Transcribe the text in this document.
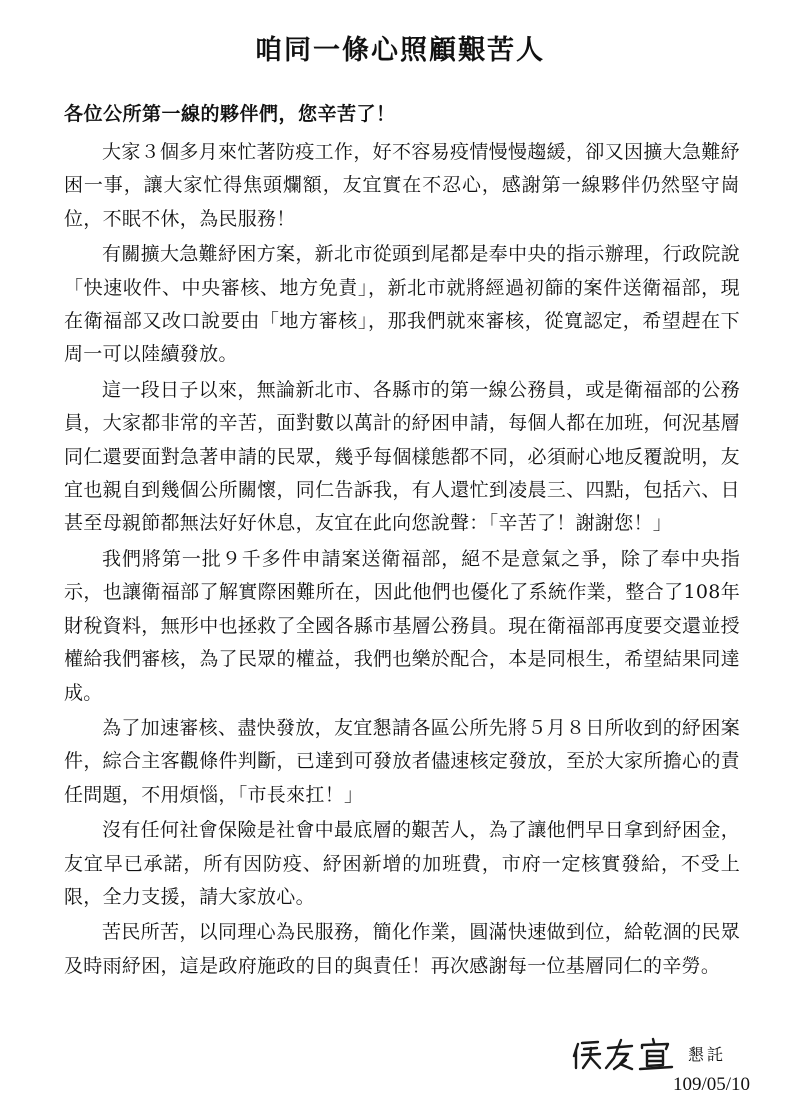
咱同一條心照顧艱苦人

各位公所第一線的夥伴們，您辛苦了！

大家３個多月來忙著防疫工作，好不容易疫情慢慢趨緩，卻又因擴大急難紓困一事，讓大家忙得焦頭爛額，友宜實在不忍心，感謝第一線夥伴仍然堅守崗位，不眠不休，為民服務！

有關擴大急難紓困方案，新北市從頭到尾都是奉中央的指示辦理，行政院說「快速收件、中央審核、地方免責」，新北市就將經過初篩的案件送衛福部，現在衛福部又改口說要由「地方審核」，那我們就來審核，從寬認定，希望趕在下周一可以陸續發放。

這一段日子以來，無論新北市、各縣市的第一線公務員，或是衛福部的公務員，大家都非常的辛苦，面對數以萬計的紓困申請，每個人都在加班，何況基層同仁還要面對急著申請的民眾，幾乎每個樣態都不同，必須耐心地反覆說明，友宜也親自到幾個公所關懷，同仁告訴我，有人還忙到凌晨三、四點，包括六、日甚至母親節都無法好好休息，友宜在此向您說聲：「辛苦了！謝謝您！」

我們將第一批９千多件申請案送衛福部，絕不是意氣之爭，除了奉中央指示，也讓衛福部了解實際困難所在，因此他們也優化了系統作業，整合了108年財稅資料，無形中也拯救了全國各縣市基層公務員。現在衛福部再度要交還並授權給我們審核，為了民眾的權益，我們也樂於配合，本是同根生，希望結果同達成。

為了加速審核、盡快發放，友宜懇請各區公所先將５月８日所收到的紓困案件，綜合主客觀條件判斷，已達到可發放者儘速核定發放，至於大家所擔心的責任問題，不用煩惱，「市長來扛！」

沒有任何社會保險是社會中最底層的艱苦人，為了讓他們早日拿到紓困金，友宜早已承諾，所有因防疫、紓困新增的加班費，市府一定核實發給，不受上限，全力支援，請大家放心。

苦民所苦，以同理心為民服務，簡化作業，圓滿快速做到位，給乾涸的民眾及時雨紓困，這是政府施政的目的與責任！再次感謝每一位基層同仁的辛勞。

懇託
109/05/10
